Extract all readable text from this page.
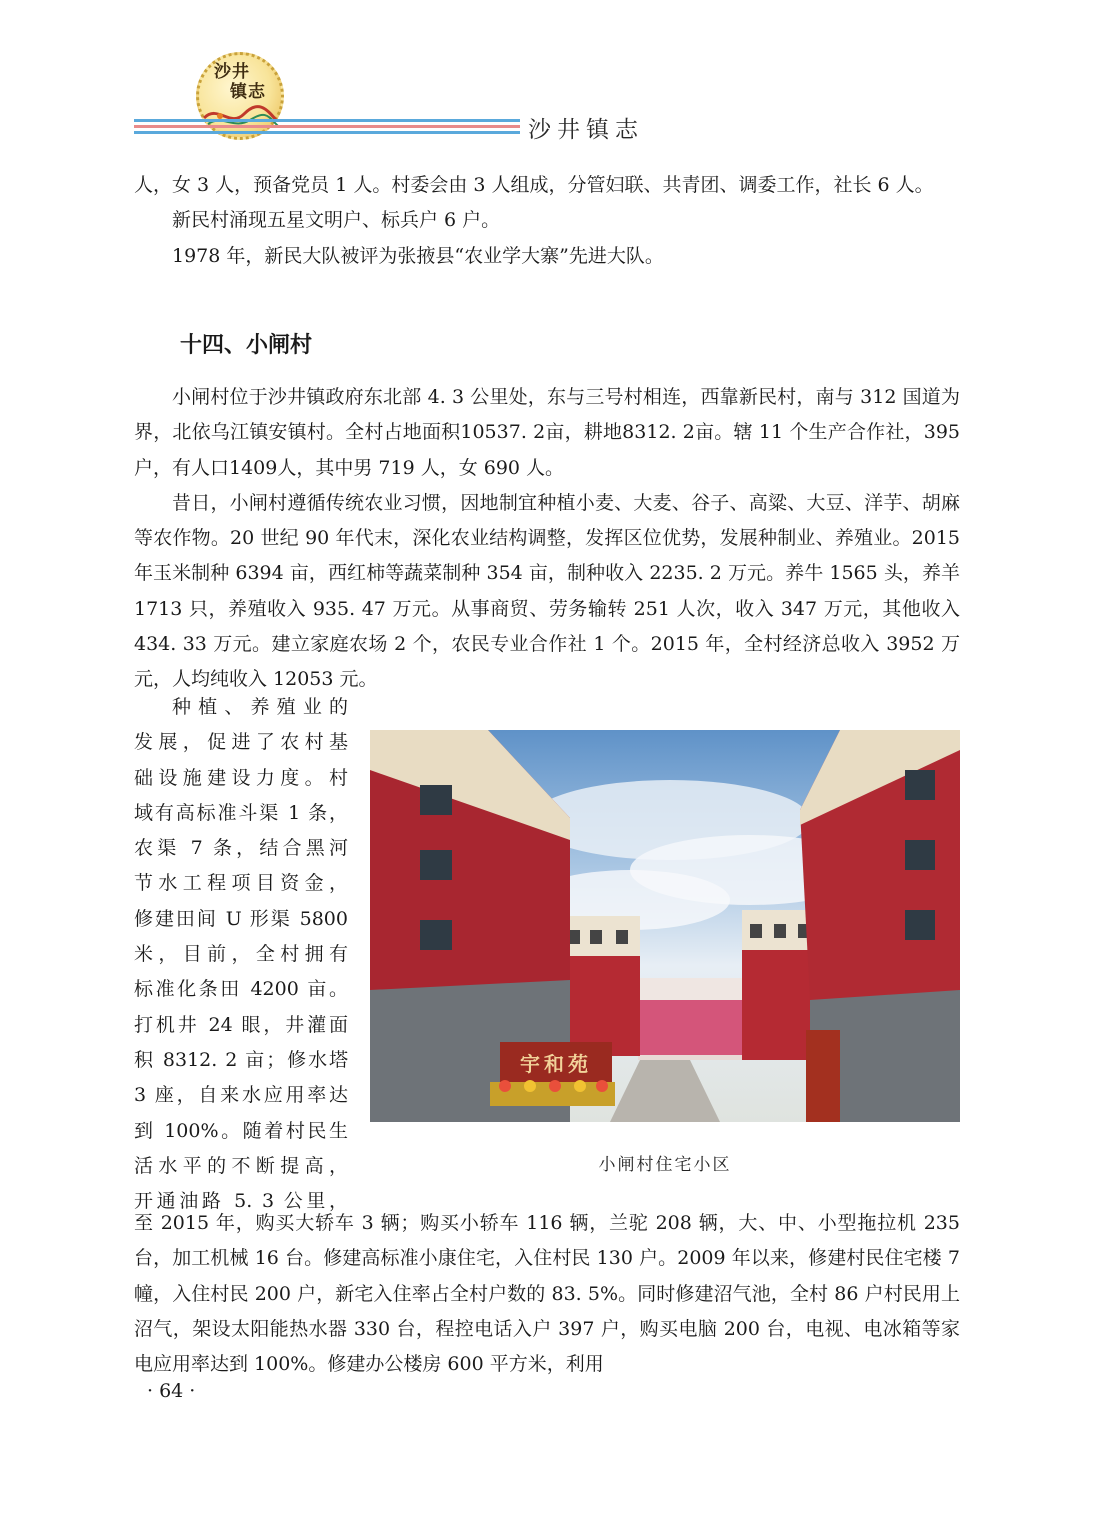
沙井
镇志
沙井镇志

人，女 3 人，预备党员 1 人。村委会由 3 人组成，分管妇联、共青团、调委工作，社长 6 人。

新民村涌现五星文明户、标兵户 6 户。

1978 年，新民大队被评为张掖县“农业学大寨”先进大队。

十四、小闸村

小闸村位于沙井镇政府东北部 4. 3 公里处，东与三号村相连，西靠新民村，南与 312 国道为界，北依乌江镇安镇村。全村占地面积10537. 2亩，耕地8312. 2亩。辖 11 个生产合作社，395户，有人口1409人，其中男 719 人，女 690 人。

昔日，小闸村遵循传统农业习惯，因地制宜种植小麦、大麦、谷子、高粱、大豆、洋芋、胡麻等农作物。20 世纪 90 年代末，深化农业结构调整，发挥区位优势，发展种制业、养殖业。2015 年玉米制种 6394 亩，西红柿等蔬菜制种 354 亩，制种收入 2235. 2 万元。养牛 1565 头，养羊 1713 只，养殖收入 935. 47 万元。从事商贸、劳务输转 251 人次，收入 347 万元，其他收入 434. 33 万元。建立家庭农场 2 个，农民专业合作社 1 个。2015 年，全村经济总收入 3952 万元，人均纯收入 12053 元。

种植、养殖业的

发展，促进了农村基

础设施建设力度。村

域有高标准斗渠 1 条，

农渠 7 条，结合黑河

节水工程项目资金，

修建田间 U 形渠 5800

米，目前，全村拥有

标准化条田 4200 亩。

打机井 24 眼，井灌面

积 8312. 2 亩；修水塔

3 座，自来水应用率达

到 100%。随着村民生

活水平的不断提高，

开通油路 5. 3 公里，

宇和苑
小闸村住宅小区

至 2015 年，购买大轿车 3 辆；购买小轿车 116 辆，兰驼 208 辆，大、中、小型拖拉机 235 台，加工机械 16 台。修建高标准小康住宅，入住村民 130 户。2009 年以来，修建村民住宅楼 7 幢，入住村民 200 户，新宅入住率占全村户数的 83. 5%。同时修建沼气池，全村 86 户村民用上沼气，架设太阳能热水器 330 台，程控电话入户 397 户，购买电脑 200 台，电视、电冰箱等家电应用率达到 100%。修建办公楼房 600 平方米，利用

· 64 ·
